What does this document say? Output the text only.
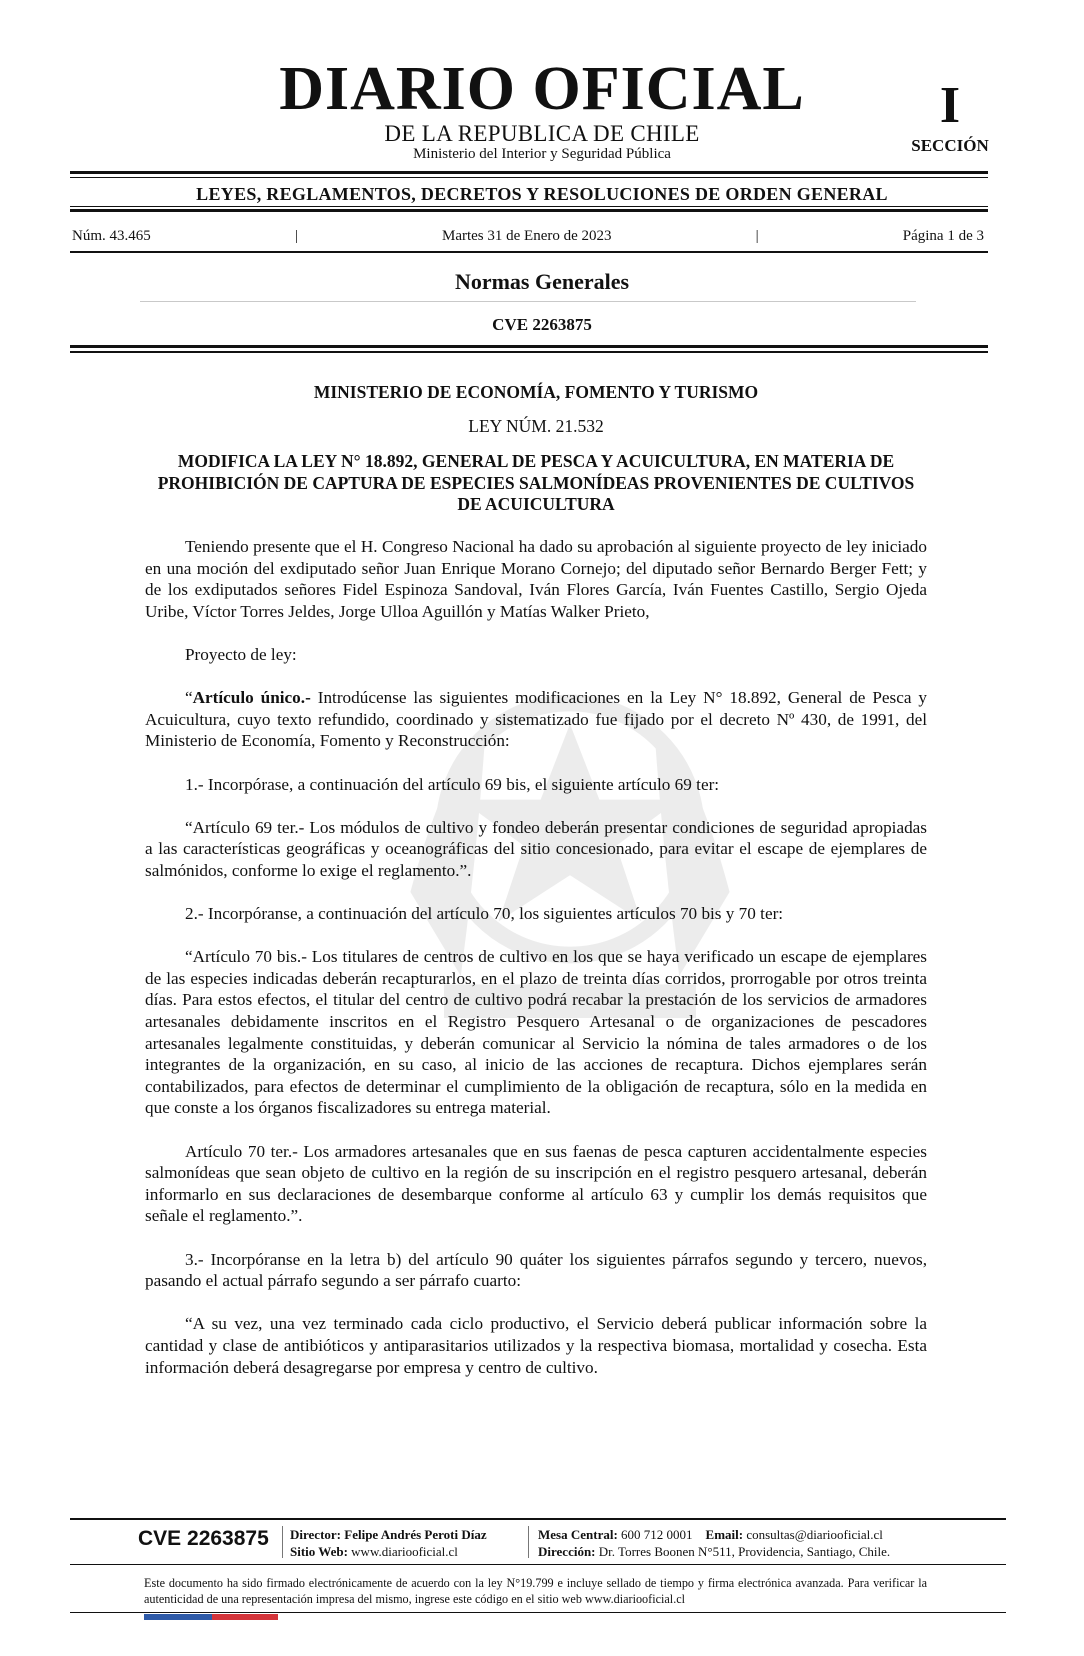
DIARIO OFICIAL
DE LA REPUBLICA DE CHILE
Ministerio del Interior y Seguridad Pública
I
SECCIÓN
LEYES, REGLAMENTOS, DECRETOS Y RESOLUCIONES DE ORDEN GENERAL
Núm. 43.465	|	Martes 31 de Enero de 2023	|	Página 1 de 3
Normas Generales
CVE 2263875
MINISTERIO DE ECONOMÍA, FOMENTO Y TURISMO
LEY NÚM. 21.532
MODIFICA LA LEY N° 18.892, GENERAL DE PESCA Y ACUICULTURA, EN MATERIA DE PROHIBICIÓN DE CAPTURA DE ESPECIES SALMONÍDEAS PROVENIENTES DE CULTIVOS DE ACUICULTURA

Teniendo presente que el H. Congreso Nacional ha dado su aprobación al siguiente proyecto de ley iniciado en una moción del exdiputado señor Juan Enrique Morano Cornejo; del diputado señor Bernardo Berger Fett; y de los exdiputados señores Fidel Espinoza Sandoval, Iván Flores García, Iván Fuentes Castillo, Sergio Ojeda Uribe, Víctor Torres Jeldes, Jorge Ulloa Aguillón y Matías Walker Prieto,

Proyecto de ley:

“Artículo único.- Introdúcense las siguientes modificaciones en la Ley N° 18.892, General de Pesca y Acuicultura, cuyo texto refundido, coordinado y sistematizado fue fijado por el decreto Nº 430, de 1991, del Ministerio de Economía, Fomento y Reconstrucción:

1.- Incorpórase, a continuación del artículo 69 bis, el siguiente artículo 69 ter:

“Artículo 69 ter.- Los módulos de cultivo y fondeo deberán presentar condiciones de seguridad apropiadas a las características geográficas y oceanográficas del sitio concesionado, para evitar el escape de ejemplares de salmónidos, conforme lo exige el reglamento.”.

2.- Incorpóranse, a continuación del artículo 70, los siguientes artículos 70 bis y 70 ter:

“Artículo 70 bis.- Los titulares de centros de cultivo en los que se haya verificado un escape de ejemplares de las especies indicadas deberán recapturarlos, en el plazo de treinta días corridos, prorrogable por otros treinta días. Para estos efectos, el titular del centro de cultivo podrá recabar la prestación de los servicios de armadores artesanales debidamente inscritos en el Registro Pesquero Artesanal o de organizaciones de pescadores artesanales legalmente constituidas, y deberán comunicar al Servicio la nómina de tales armadores o de los integrantes de la organización, en su caso, al inicio de las acciones de recaptura. Dichos ejemplares serán contabilizados, para efectos de determinar el cumplimiento de la obligación de recaptura, sólo en la medida en que conste a los órganos fiscalizadores su entrega material.

Artículo 70 ter.- Los armadores artesanales que en sus faenas de pesca capturen accidentalmente especies salmonídeas que sean objeto de cultivo en la región de su inscripción en el registro pesquero artesanal, deberán informarlo en sus declaraciones de desembarque conforme al artículo 63 y cumplir los demás requisitos que señale el reglamento.”.

3.- Incorpóranse en la letra b) del artículo 90 quáter los siguientes párrafos segundo y tercero, nuevos, pasando el actual párrafo segundo a ser párrafo cuarto:

“A su vez, una vez terminado cada ciclo productivo, el Servicio deberá publicar información sobre la cantidad y clase de antibióticos y antiparasitarios utilizados y la respectiva biomasa, mortalidad y cosecha. Esta información deberá desagregarse por empresa y centro de cultivo.

CVE 2263875 Director: Felipe Andrés Peroti Díaz
Sitio Web: www.diariooficial.cl
Mesa Central: 600 712 0001 Email: consultas@diariooficial.cl
Dirección: Dr. Torres Boonen N°511, Providencia, Santiago, Chile.
Este documento ha sido firmado electrónicamente de acuerdo con la ley N°19.799 e incluye sellado de tiempo y firma electrónica avanzada. Para verificar la autenticidad de una representación impresa del mismo, ingrese este código en el sitio web www.diariooficial.cl
